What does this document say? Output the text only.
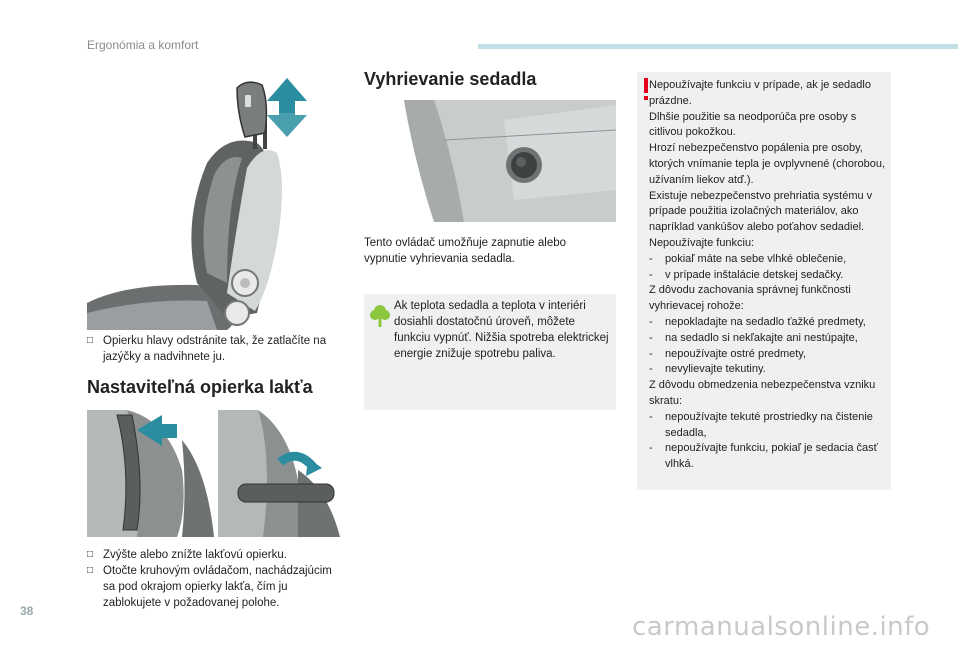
Ergonómia a komfort
□ Opierku hlavy odstránite tak, že zatlačíte na jazýčky a nadvihnete ju.
Nastaviteľná opierka lakťa
□ Zvýšte alebo znížte lakťovú opierku.
□ Otočte kruhovým ovládačom, nachádzajúcim sa pod okrajom opierky lakťa, čím ju zablokujete v požadovanej polohe.
Vyhrievanie sedadla
Tento ovládač umožňuje zapnutie alebo vypnutie vyhrievania sedadla.
Ak teplota sedadla a teplota v interiéri dosiahli dostatočnú úroveň, môžete funkciu vypnúť. Nižšia spotreba elektrickej energie znižuje spotrebu paliva.
Nepoužívajte funkciu v prípade, ak je sedadlo prázdne.
Dlhšie použitie sa neodporúča pre osoby s citlivou pokožkou.
Hrozí nebezpečenstvo popálenia pre osoby, ktorých vnímanie tepla je ovplyvnené (chorobou, užívaním liekov atď.).
Existuje nebezpečenstvo prehriatia systému v prípade použitia izolačných materiálov, ako napríklad vankúšov alebo poťahov sedadiel.
Nepoužívajte funkciu:
-	pokiaľ máte na sebe vlhké oblečenie,
-	v prípade inštalácie detskej sedačky.
Z dôvodu zachovania správnej funkčnosti vyhrievacej rohože:
-	nepokladajte na sedadlo ťažké predmety,
-	na sedadlo si nekľakajte ani nestúpajte,
-	nepoužívajte ostré predmety,
-	nevylievajte tekutiny.
Z dôvodu obmedzenia nebezpečenstva vzniku skratu:
-	nepoužívajte tekuté prostriedky na čistenie sedadla,
-	nepoužívajte funkciu, pokiaľ je sedacia časť vlhká.
38
carmanualsonline.info
